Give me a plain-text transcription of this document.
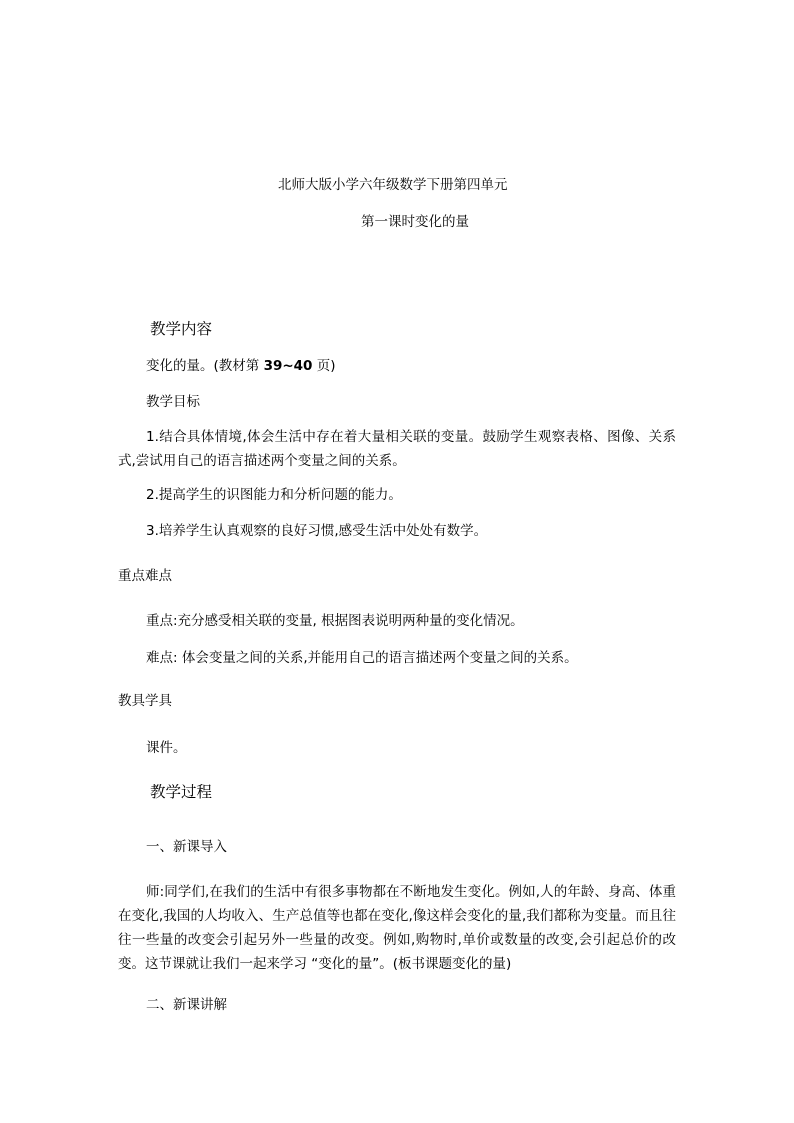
北师大版小学六年级数学下册第四单元
第一课时变化的量
教学内容
变化的量。(教材第 39~40 页)
教学目标
1.结合具体情境,体会生活中存在着大量相关联的变量。鼓励学生观察表格、图像、关系式,尝试用自己的语言描述两个变量之间的关系。
2.提高学生的识图能力和分析问题的能力。
3.培养学生认真观察的良好习惯,感受生活中处处有数学。
重点难点
重点:充分感受相关联的变量, 根据图表说明两种量的变化情况。
难点: 体会变量之间的关系,并能用自己的语言描述两个变量之间的关系。
教具学具
课件。
教学过程
一、新课导入
师:同学们,在我们的生活中有很多事物都在不断地发生变化。例如,人的年龄、身高、体重在变化,我国的人均收入、生产总值等也都在变化,像这样会变化的量,我们都称为变量。而且往往一些量的改变会引起另外一些量的改变。例如,购物时,单价或数量的改变,会引起总价的改变。这节课就让我们一起来学习 “变化的量”。(板书课题变化的量)
二、新课讲解
